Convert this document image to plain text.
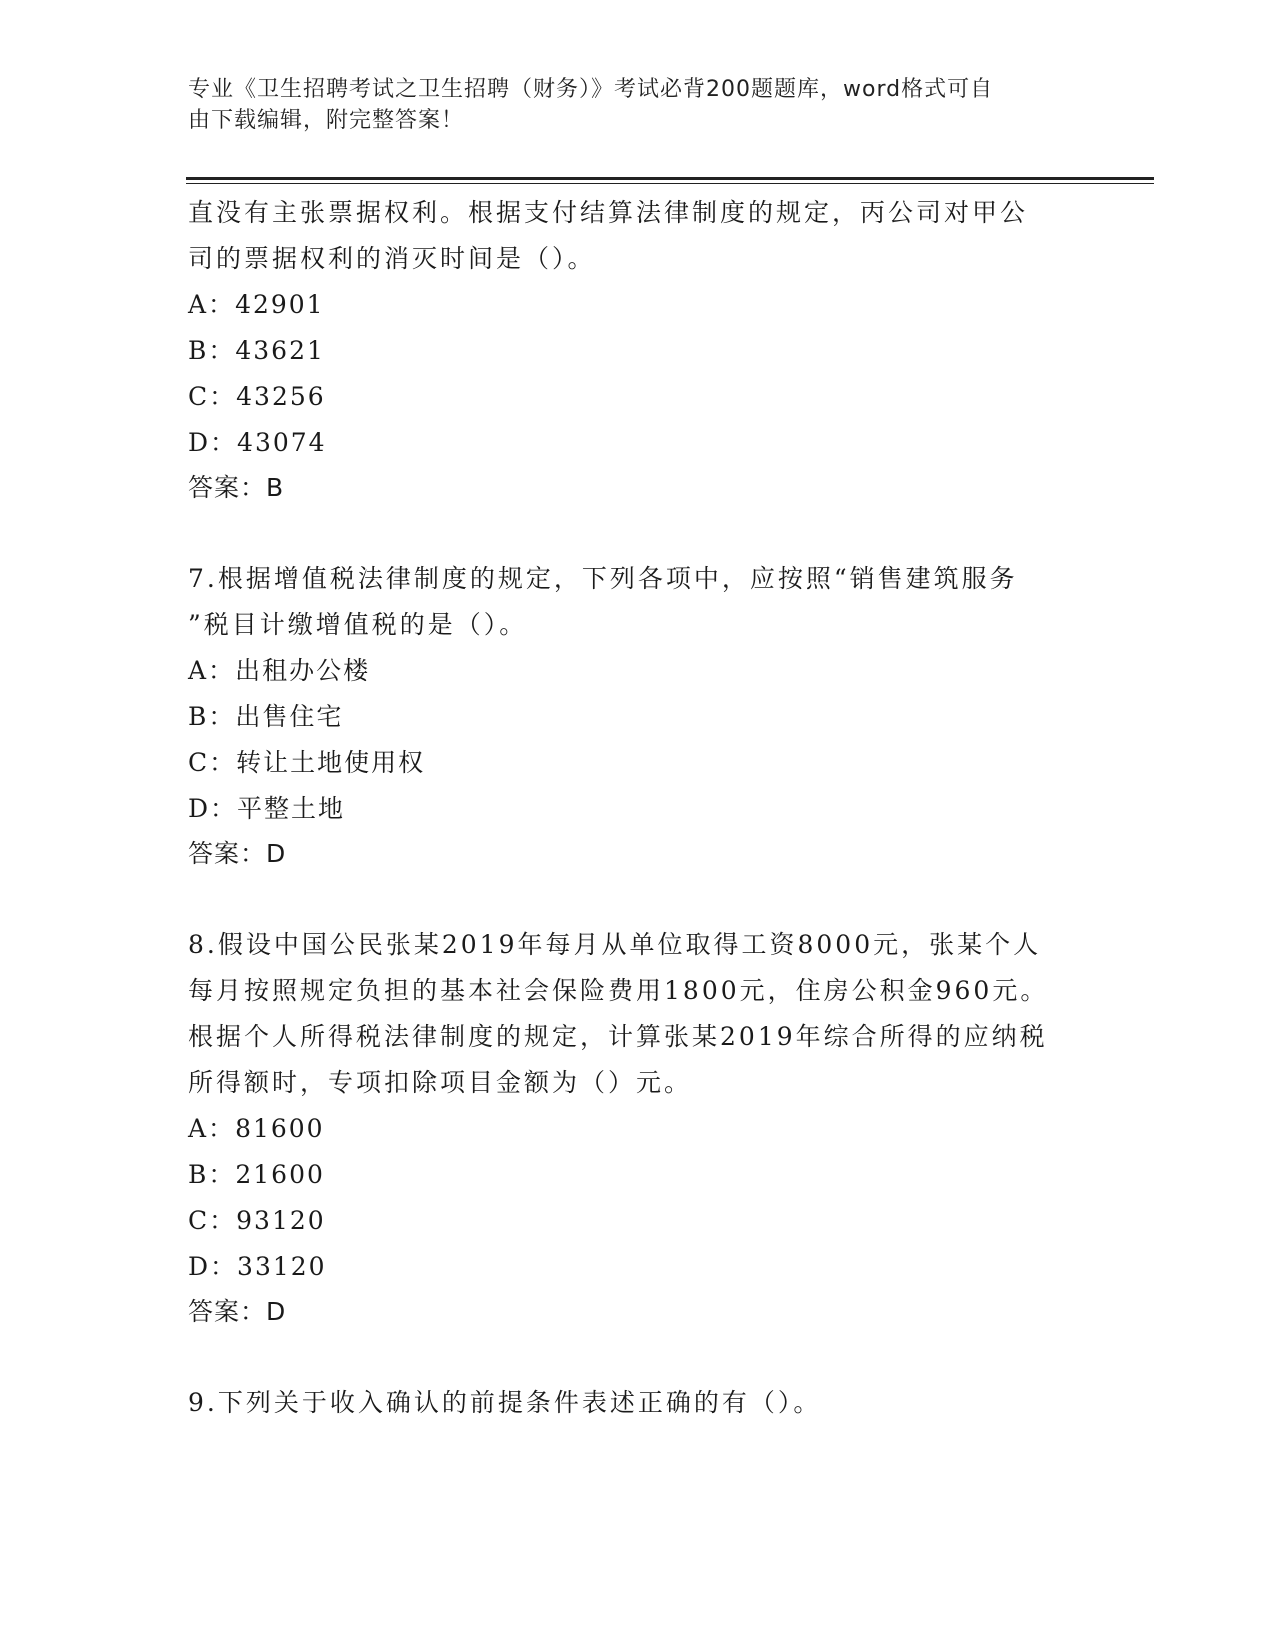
专业《卫生招聘考试之卫生招聘（财务）》考试必背200题题库，word格式可自
由下载编辑，附完整答案！

直没有主张票据权利。根据支付结算法律制度的规定，丙公司对甲公

司的票据权利的消灭时间是（）。

A：42901

B：43621

C：43256

D：43074

答案：B

7.根据增值税法律制度的规定，下列各项中，应按照“销售建筑服务

”税目计缴增值税的是（）。

A：出租办公楼

B：出售住宅

C：转让土地使用权

D：平整土地

答案：D

8.假设中国公民张某2019年每月从单位取得工资8000元，张某个人

每月按照规定负担的基本社会保险费用1800元，住房公积金960元。

根据个人所得税法律制度的规定，计算张某2019年综合所得的应纳税

所得额时，专项扣除项目金额为（）元。

A：81600

B：21600

C：93120

D：33120

答案：D

9.下列关于收入确认的前提条件表述正确的有（）。
